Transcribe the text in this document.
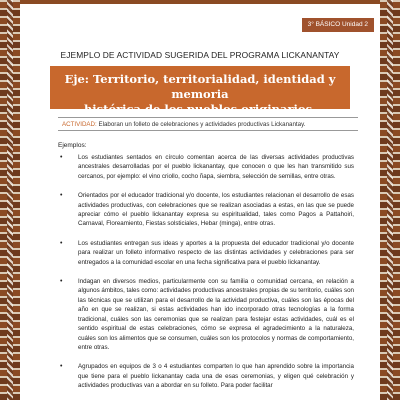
3° BÁSICO Unidad 2
EJEMPLO DE ACTIVIDAD SUGERIDA DEL PROGRAMA LICKANANTAY
Eje: Territorio, territorialidad, identidad y memoria
histórica de los pueblos originarios.
ACTIVIDAD: Elaboran un folleto de celebraciones y actividades productivas Lickanantay.
Ejemplos:
•	Los estudiantes sentados en círculo comentan acerca de las diversas actividades productivas ancestrales desarrolladas por el pueblo lickanantay, que conocen o que les han transmitido sus cercanos, por ejemplo: el vino criollo, cocho ñapa, siembra, selección de semillas, entre otras.
•	Orientados por el educador tradicional y/o docente, los estudiantes relacionan el desarrollo de esas actividades productivas, con celebraciones que se realizan asociadas a estas, en las que se puede apreciar cómo el pueblo lickanantay expresa su espiritualidad, tales como Pagos a Pattahoiri, Carnaval, Floreamiento, Fiestas solsticiales, Hebar (minga), entre otras.
•	Los estudiantes entregan sus ideas y aportes a la propuesta del educador tradicional y/o docente para realizar un folleto informativo respecto de las distintas actividades y celebraciones para ser entregados a la comunidad escolar en una fecha significativa para el pueblo lickanantay.
•	Indagan en diversos medios, particularmente con su familia o comunidad cercana, en relación a algunos ámbitos, tales como: actividades productivas ancestrales propias de su territorio, cuáles son las técnicas que se utilizan para el desarrollo de la actividad productiva, cuáles son las épocas del año en que se realizan, si estas actividades han ido incorporado otras tecnologías a la forma tradicional, cuáles son las ceremonias que se realizan para festejar estas actividades, cuál es el sentido espiritual de estas celebraciones, cómo se expresa el agradecimiento a la naturaleza, cuáles son los alimentos que se consumen, cuáles son los protocolos y normas de comportamiento, entre otras.
•	Agrupados en equipos de 3 o 4 estudiantes comparten lo que han aprendido sobre la importancia que tiene para el pueblo lickanantay cada una de esas ceremonias, y eligen qué celebración y actividades productivas van a abordar en su folleto. Para poder facilitar
